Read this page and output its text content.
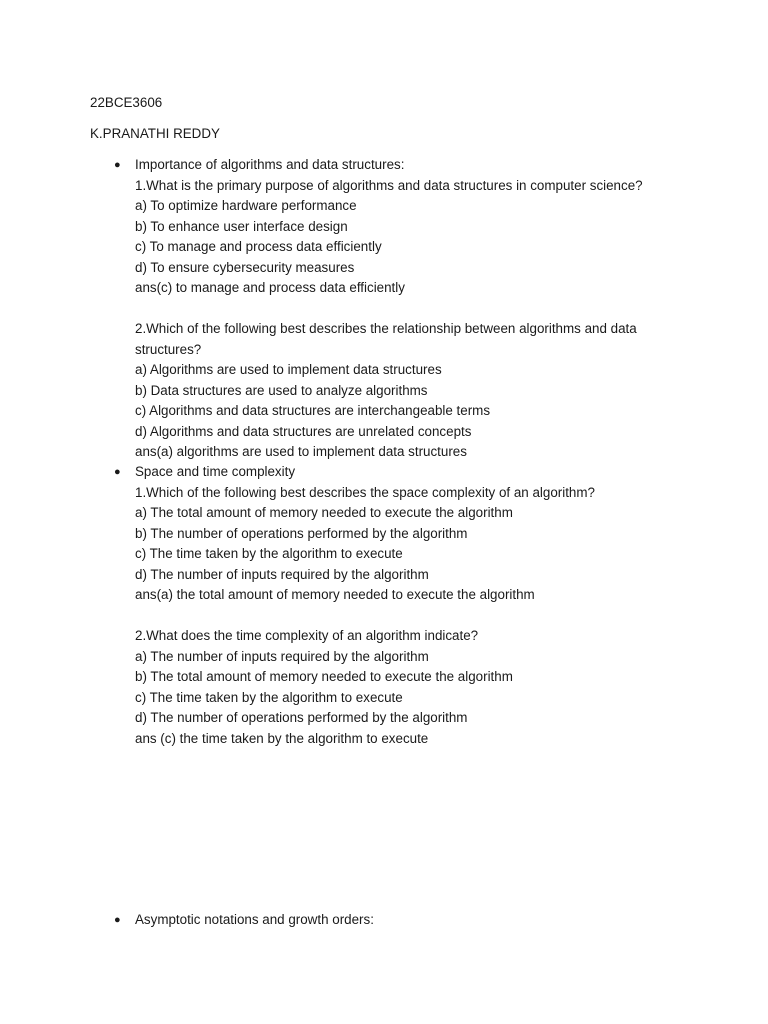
22BCE3606
K.PRANATHI REDDY
● Importance of algorithms and data structures:
1.What is the primary purpose of algorithms and data structures in computer science?
a) To optimize hardware performance
b) To enhance user interface design
c) To manage and process data efficiently
d) To ensure cybersecurity measures
ans(c) to manage and process data efficiently
2.Which of the following best describes the relationship between algorithms and data structures?
a) Algorithms are used to implement data structures
b) Data structures are used to analyze algorithms
c) Algorithms and data structures are interchangeable terms
d) Algorithms and data structures are unrelated concepts
ans(a) algorithms are used to implement data structures
● Space and time complexity
1.Which of the following best describes the space complexity of an algorithm?
a) The total amount of memory needed to execute the algorithm
b) The number of operations performed by the algorithm
c) The time taken by the algorithm to execute
d) The number of inputs required by the algorithm
ans(a) the total amount of memory needed to execute the algorithm
2.What does the time complexity of an algorithm indicate?
a) The number of inputs required by the algorithm
b) The total amount of memory needed to execute the algorithm
c) The time taken by the algorithm to execute
d) The number of operations performed by the algorithm
ans (c) the time taken by the algorithm to execute
● Asymptotic notations and growth orders:
